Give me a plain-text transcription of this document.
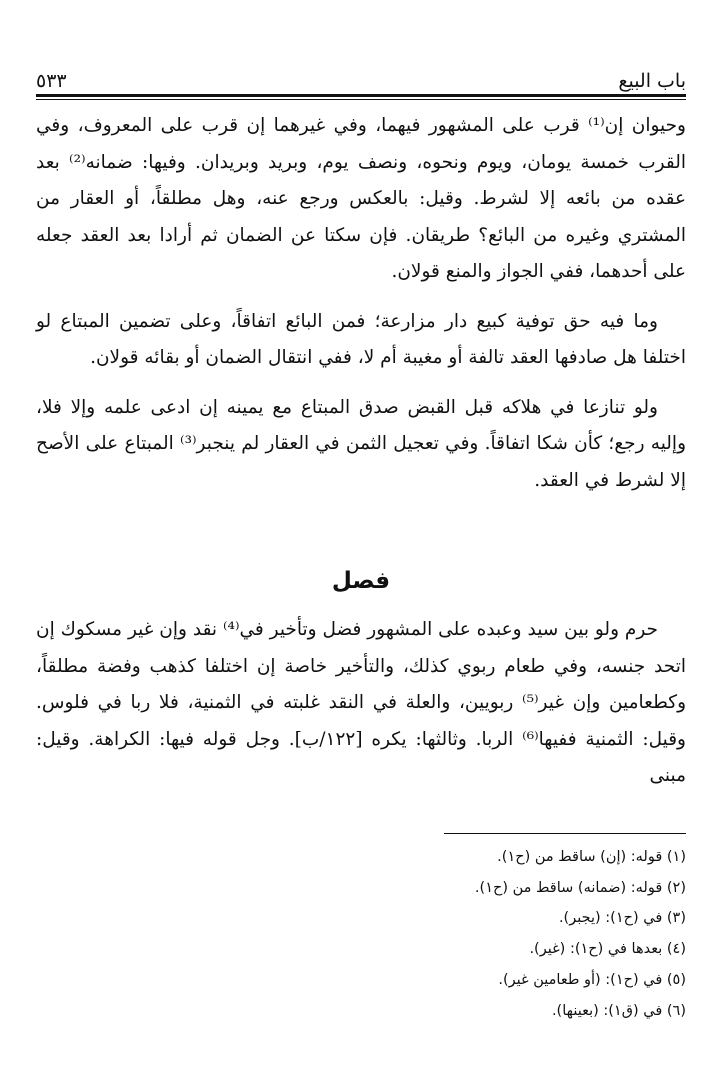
باب البيع
٥٣٣

وحيوان إن⁽¹⁾ قرب على المشهور فيهما، وفي غيرهما إن قرب على المعروف، وفي القرب خمسة يومان، ويوم ونحوه، ونصف يوم، وبريد وبريدان. وفيها: ضمانه⁽²⁾ بعد عقده من بائعه إلا لشرط. وقيل: بالعكس ورجع عنه، وهل مطلقاً، أو العقار من المشتري وغيره من البائع؟ طريقان. فإن سكتا عن الضمان ثم أرادا بعد العقد جعله على أحدهما، ففي الجواز والمنع قولان.

وما فيه حق توفية كبيع دار مزارعة؛ فمن البائع اتفاقاً، وعلى تضمين المبتاع لو اختلفا هل صادفها العقد تالفة أو مغيبة أم لا، ففي انتقال الضمان أو بقائه قولان.

ولو تنازعا في هلاكه قبل القبض صدق المبتاع مع يمينه إن ادعى علمه وإلا فلا، وإليه رجع؛ كأن شكا اتفاقاً. وفي تعجيل الثمن في العقار لم ينجبر⁽³⁾ المبتاع على الأصح إلا لشرط في العقد.

فصل

حرم ولو بين سيد وعبده على المشهور فضل وتأخير في⁽⁴⁾ نقد وإن غير مسكوك إن اتحد جنسه، وفي طعام ربوي كذلك، والتأخير خاصة إن اختلفا كذهب وفضة مطلقاً، وكطعامين وإن غير⁽⁵⁾ ربويين، والعلة في النقد غلبته في الثمنية، فلا ربا في فلوس. وقيل: الثمنية ففيها⁽⁶⁾ الربا. وثالثها: يكره [١٢٢/ب]. وجل قوله فيها: الكراهة. وقيل: مبنى

(١) قوله: (إن) ساقط من (ح١).
(٢) قوله: (ضمانه) ساقط من (ح١).
(٣) في (ح١): (يجبر).
(٤) بعدها في (ح١): (غير).
(٥) في (ح١): (أو طعامين غير).
(٦) في (ق١): (بعينها).
